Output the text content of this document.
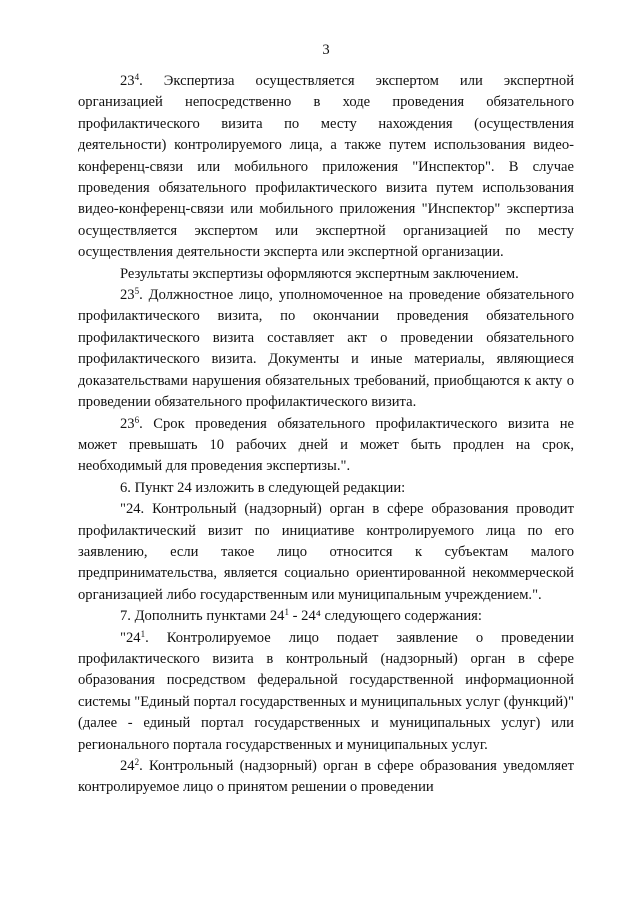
3

$23^4$. Экспертиза осуществляется экспертом или экспертной организацией непосредственно в ходе проведения обязательного профилактического визита по месту нахождения (осуществления деятельности) контролируемого лица, а также путем использования видео-конференц-связи или мобильного приложения "Инспектор". В случае проведения обязательного профилактического визита путем использования видео-конференц-связи или мобильного приложения "Инспектор" экспертиза осуществляется экспертом или экспертной организацией по месту осуществления деятельности эксперта или экспертной организации.

Результаты экспертизы оформляются экспертным заключением.

$23^5$. Должностное лицо, уполномоченное на проведение обязательного профилактического визита, по окончании проведения обязательного профилактического визита составляет акт о проведении обязательного профилактического визита. Документы и иные материалы, являющиеся доказательствами нарушения обязательных требований, приобщаются к акту о проведении обязательного профилактического визита.

$23^6$. Срок проведения обязательного профилактического визита не может превышать 10 рабочих дней и может быть продлен на срок, необходимый для проведения экспертизы.".

6. Пункт 24 изложить в следующей редакции:

"24. Контрольный (надзорный) орган в сфере образования проводит профилактический визит по инициативе контролируемого лица по его заявлению, если такое лицо относится к субъектам малого предпринимательства, является социально ориентированной некоммерческой организацией либо государственным или муниципальным учреждением.".

7. Дополнить пунктами $24^1 - 24^4$ следующего содержания:

"$24^1$. Контролируемое лицо подает заявление о проведении профилактического визита в контрольный (надзорный) орган в сфере образования посредством федеральной государственной информационной системы "Единый портал государственных и муниципальных услуг (функций)" (далее - единый портал государственных и муниципальных услуг) или регионального портала государственных и муниципальных услуг.

$24^2$. Контрольный (надзорный) орган в сфере образования уведомляет контролируемое лицо о принятом решении о проведении
